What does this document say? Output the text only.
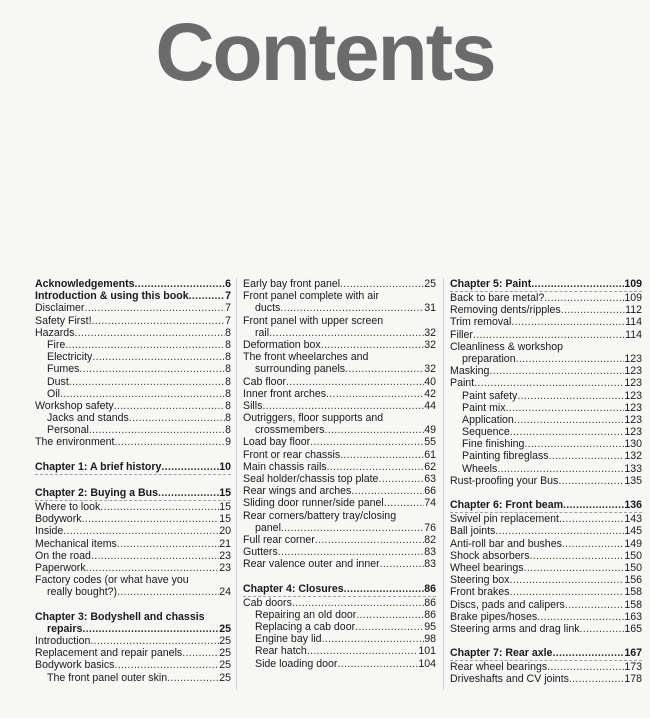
Contents
Acknowledgements .....	6
Introduction & using this book .....	7
Disclaimer .....	7
Safety First! .....	7
Hazards .....	8
Fire .....	8
Electricity .....	8
Fumes .....	8
Dust .....	8
Oil .....	8
Workshop safety .....	8
Jacks and stands .....	8
Personal .....	8
The environment .....	9
Chapter 1: A brief history .....	10
Chapter 2: Buying a Bus .....	15
Where to look .....	15
Bodywork .....	15
Inside .....	20
Mechanical items .....	21
On the road .....	23
Paperwork .....	23
Factory codes (or what have you
really bought?) .....	24
Chapter 3: Bodyshell and chassis
repairs .....	25
Introduction .....	25
Replacement and repair panels .....	25
Bodywork basics .....	25
The front panel outer skin .....	25
Early bay front panel .....	25
Front panel complete with air
ducts .....	31
Front panel with upper screen
rail .....	32
Deformation box .....	32
The front wheelarches and
surrounding panels .....	32
Cab floor .....	40
Inner front arches .....	42
Sills .....	44
Outriggers, floor supports and
crossmembers .....	49
Load bay floor .....	55
Front or rear chassis .....	61
Main chassis rails .....	62
Seal holder/chassis top plate .....	63
Rear wings and arches .....	66
Sliding door runner/side panel .....	74
Rear corners/battery tray/closing
panel .....	76
Full rear corner .....	82
Gutters .....	83
Rear valence outer and inner .....	83
Chapter 4: Closures .....	86
Cab doors .....	86
Repairing an old door .....	86
Replacing a cab door .....	95
Engine bay lid .....	98
Rear hatch .....	101
Side loading door .....	104
Chapter 5: Paint .....	109
Back to bare metal? .....	109
Removing dents/ripples .....	112
Trim removal .....	114
Filler .....	114
Cleanliness & workshop
preparation .....	123
Masking .....	123
Paint .....	123
Paint safety .....	123
Paint mix .....	123
Application .....	123
Sequence .....	123
Fine finishing .....	130
Painting fibreglass .....	132
Wheels .....	133
Rust-proofing your Bus .....	135
Chapter 6: Front beam .....	136
Swivel pin replacement .....	143
Ball joints .....	145
Anti-roll bar and bushes .....	149
Shock absorbers .....	150
Wheel bearings .....	150
Steering box .....	156
Front brakes .....	158
Discs, pads and calipers .....	158
Brake pipes/hoses .....	163
Steering arms and drag link .....	165
Chapter 7: Rear axle .....	167
Rear wheel bearings .....	173
Driveshafts and CV joints .....	178
